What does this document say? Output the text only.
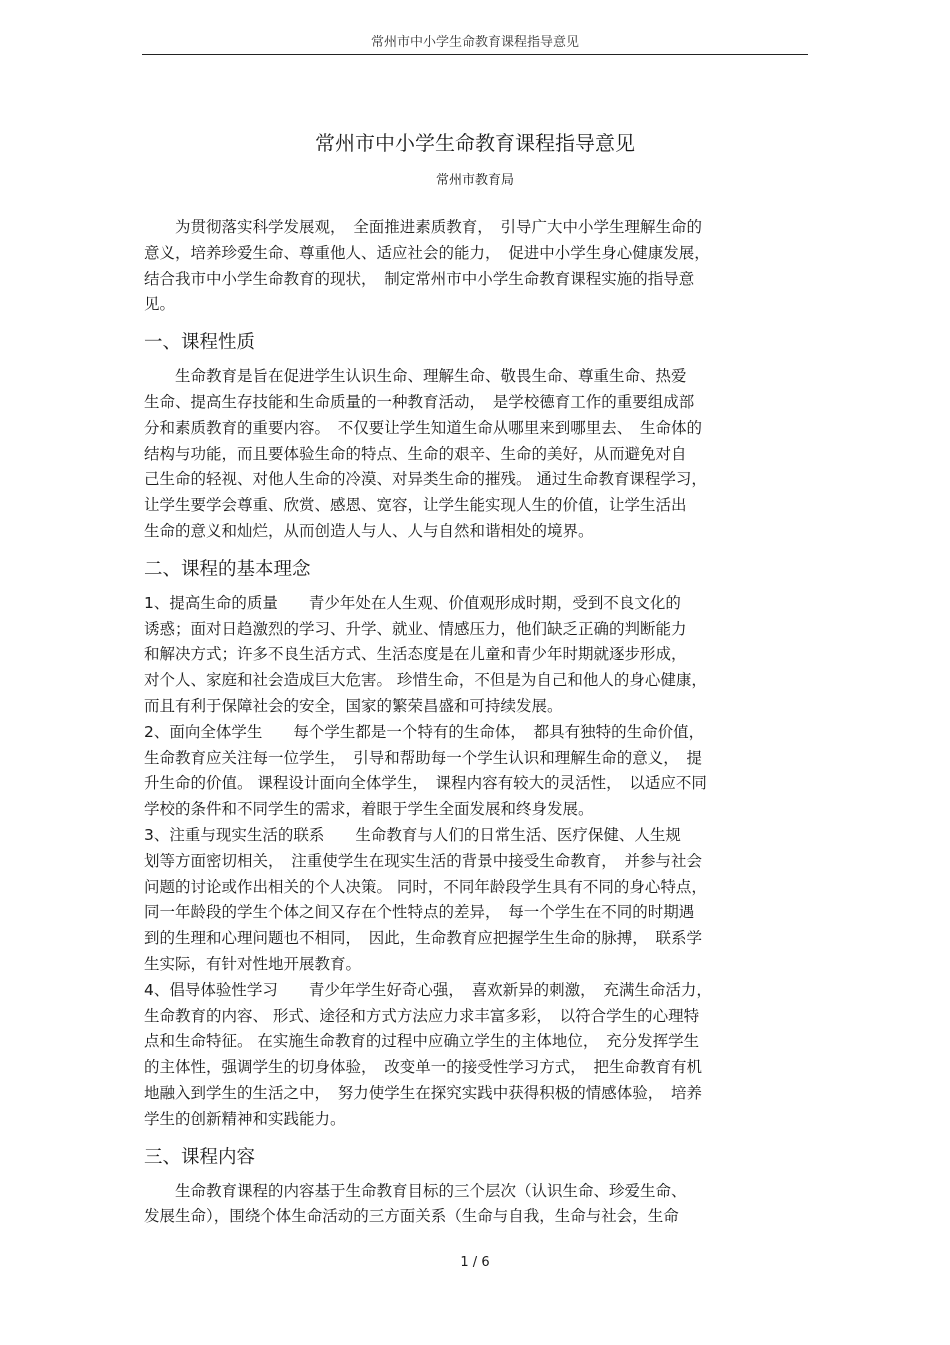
常州市中小学生命教育课程指导意见
常州市中小学生命教育课程指导意见
常州市教育局

　　为贯彻落实科学发展观，　全面推进素质教育，　引导广大中小学生理解生命的
意义，培养珍爱生命、尊重他人、适应社会的能力，　促进中小学生身心健康发展，
结合我市中小学生命教育的现状，　制定常州市中小学生命教育课程实施的指导意
见。

一、课程性质

　　生命教育是旨在促进学生认识生命、理解生命、敬畏生命、尊重生命、热爱
生命、提高生存技能和生命质量的一种教育活动，　是学校德育工作的重要组成部
分和素质教育的重要内容。　不仅要让学生知道生命从哪里来到哪里去、　生命体的
结构与功能，而且要体验生命的特点、生命的艰辛、生命的美好，从而避免对自
己生命的轻视、对他人生命的冷漠、对异类生命的摧残。 通过生命教育课程学习，
让学生要学会尊重、欣赏、感恩、宽容，让学生能实现人生的价值，让学生活出
生命的意义和灿烂，从而创造人与人、人与自然和谐相处的境界。

二、课程的基本理念

1、提高生命的质量　　青少年处在人生观、价值观形成时期，受到不良文化的
诱惑；面对日趋激烈的学习、升学、就业、情感压力，他们缺乏正确的判断能力
和解决方式；许多不良生活方式、生活态度是在儿童和青少年时期就逐步形成，
对个人、家庭和社会造成巨大危害。 珍惜生命，不但是为自己和他人的身心健康，
而且有利于保障社会的安全，国家的繁荣昌盛和可持续发展。

2、面向全体学生　　每个学生都是一个特有的生命体，　都具有独特的生命价值，
生命教育应关注每一位学生，　引导和帮助每一个学生认识和理解生命的意义，　提
升生命的价值。 课程设计面向全体学生，　课程内容有较大的灵活性，　以适应不同
学校的条件和不同学生的需求，着眼于学生全面发展和终身发展。

3、注重与现实生活的联系　　生命教育与人们的日常生活、医疗保健、人生规
划等方面密切相关，　注重使学生在现实生活的背景中接受生命教育，　并参与社会
问题的讨论或作出相关的个人决策。 同时，不同年龄段学生具有不同的身心特点，
同一年龄段的学生个体之间又存在个性特点的差异，　每一个学生在不同的时期遇
到的生理和心理问题也不相同，　因此，生命教育应把握学生生命的脉搏，　联系学
生实际，有针对性地开展教育。

4、倡导体验性学习　　青少年学生好奇心强，　喜欢新异的刺激，　充满生命活力，
生命教育的内容、 形式、途径和方式方法应力求丰富多彩，　以符合学生的心理特
点和生命特征。 在实施生命教育的过程中应确立学生的主体地位，　充分发挥学生
的主体性，强调学生的切身体验，　改变单一的接受性学习方式，　把生命教育有机
地融入到学生的生活之中，　努力使学生在探究实践中获得积极的情感体验，　培养
学生的创新精神和实践能力。

三、课程内容

　　生命教育课程的内容基于生命教育目标的三个层次（认识生命、珍爱生命、
发展生命），围绕个体生命活动的三方面关系（生命与自我，生命与社会，生命

1 / 6
